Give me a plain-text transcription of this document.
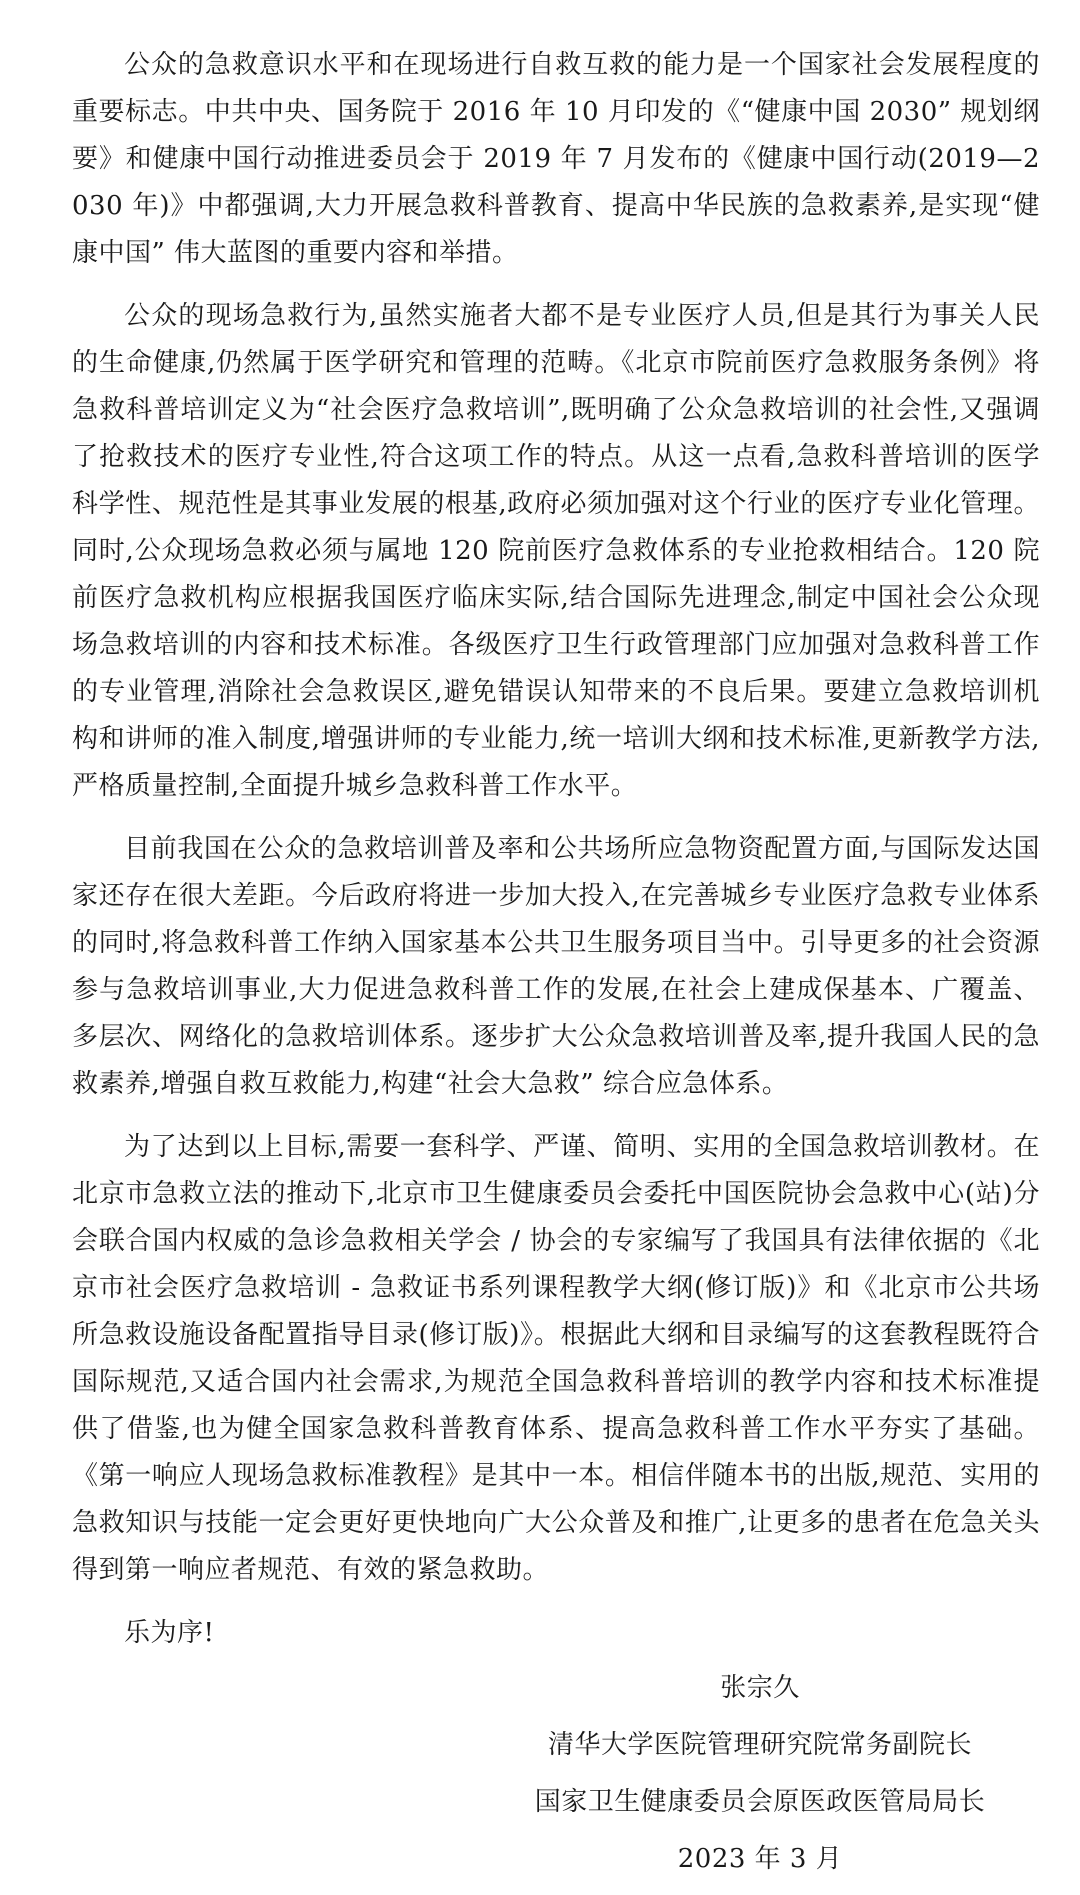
公众的急救意识水平和在现场进行自救互救的能力是一个国家社会发展程度的重要标志。中共中央、国务院于 2016 年 10 月印发的《“健康中国 2030” 规划纲要》和健康中国行动推进委员会于 2019 年 7 月发布的《健康中国行动(2019—2030 年)》中都强调,大力开展急救科普教育、提高中华民族的急救素养,是实现“健康中国” 伟大蓝图的重要内容和举措。

公众的现场急救行为,虽然实施者大都不是专业医疗人员,但是其行为事关人民的生命健康,仍然属于医学研究和管理的范畴。《北京市院前医疗急救服务条例》将急救科普培训定义为“社会医疗急救培训”,既明确了公众急救培训的社会性,又强调了抢救技术的医疗专业性,符合这项工作的特点。从这一点看,急救科普培训的医学科学性、规范性是其事业发展的根基,政府必须加强对这个行业的医疗专业化管理。同时,公众现场急救必须与属地 120 院前医疗急救体系的专业抢救相结合。120 院前医疗急救机构应根据我国医疗临床实际,结合国际先进理念,制定中国社会公众现场急救培训的内容和技术标准。各级医疗卫生行政管理部门应加强对急救科普工作的专业管理,消除社会急救误区,避免错误认知带来的不良后果。要建立急救培训机构和讲师的准入制度,增强讲师的专业能力,统一培训大纲和技术标准,更新教学方法,严格质量控制,全面提升城乡急救科普工作水平。

目前我国在公众的急救培训普及率和公共场所应急物资配置方面,与国际发达国家还存在很大差距。今后政府将进一步加大投入,在完善城乡专业医疗急救专业体系的同时,将急救科普工作纳入国家基本公共卫生服务项目当中。引导更多的社会资源参与急救培训事业,大力促进急救科普工作的发展,在社会上建成保基本、广覆盖、多层次、网络化的急救培训体系。逐步扩大公众急救培训普及率,提升我国人民的急救素养,增强自救互救能力,构建“社会大急救” 综合应急体系。

为了达到以上目标,需要一套科学、严谨、简明、实用的全国急救培训教材。在北京市急救立法的推动下,北京市卫生健康委员会委托中国医院协会急救中心(站)分会联合国内权威的急诊急救相关学会 / 协会的专家编写了我国具有法律依据的《北京市社会医疗急救培训 - 急救证书系列课程教学大纲(修订版)》和《北京市公共场所急救设施设备配置指导目录(修订版)》。根据此大纲和目录编写的这套教程既符合国际规范,又适合国内社会需求,为规范全国急救科普培训的教学内容和技术标准提供了借鉴,也为健全国家急救科普教育体系、提高急救科普工作水平夯实了基础。《第一响应人现场急救标准教程》是其中一本。相信伴随本书的出版,规范、实用的急救知识与技能一定会更好更快地向广大公众普及和推广,让更多的患者在危急关头得到第一响应者规范、有效的紧急救助。

乐为序!

张宗久
清华大学医院管理研究院常务副院长
国家卫生健康委员会原医政医管局局长
2023 年 3 月
